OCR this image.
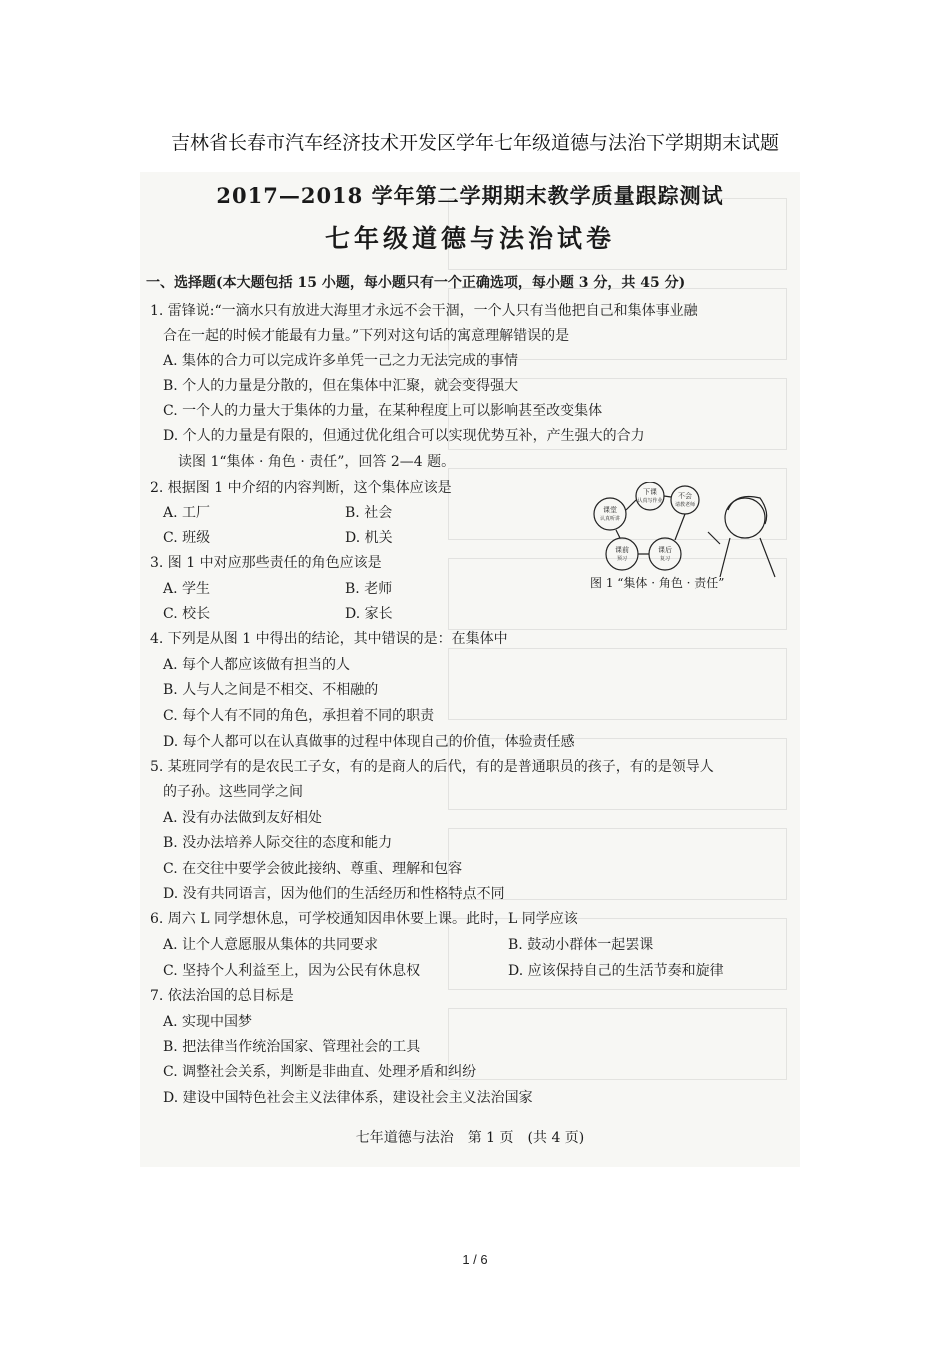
吉林省长春市汽车经济技术开发区学年七年级道德与法治下学期期末试题
2017—2018 学年第二学期期末教学质量跟踪测试
七年级道德与法治试卷
一、选择题(本大题包括 15 小题，每小题只有一个正确选项，每小题 3 分，共 45 分)
1. 雷锋说:“一滴水只有放进大海里才永远不会干涸，一个人只有当他把自己和集体事业融
合在一起的时候才能最有力量。”下列对这句话的寓意理解错误的是
A. 集体的合力可以完成许多单凭一己之力无法完成的事情
B. 个人的力量是分散的，但在集体中汇聚，就会变得强大
C. 一个人的力量大于集体的力量，在某种程度上可以影响甚至改变集体
D. 个人的力量是有限的，但通过优化组合可以实现优势互补，产生强大的合力
读图 1“集体 · 角色 · 责任”，回答 2—4 题。
2. 根据图 1 中介绍的内容判断，这个集体应该是
A. 工厂	B. 社会
C. 班级	D. 机关
3. 图 1 中对应那些责任的角色应该是
A. 学生	B. 老师
C. 校长	D. 家长
下课
认真写作业
不会
请教老师
课堂
认真听讲
课前
预习
课后
复习
图 1 “集体 · 角色 · 责任”
4. 下列是从图 1 中得出的结论，其中错误的是：在集体中
A. 每个人都应该做有担当的人
B. 人与人之间是不相交、不相融的
C. 每个人有不同的角色，承担着不同的职责
D. 每个人都可以在认真做事的过程中体现自己的价值，体验责任感
5. 某班同学有的是农民工子女，有的是商人的后代，有的是普通职员的孩子，有的是领导人
的子孙。这些同学之间
A. 没有办法做到友好相处
B. 没办法培养人际交往的态度和能力
C. 在交往中要学会彼此接纳、尊重、理解和包容
D. 没有共同语言，因为他们的生活经历和性格特点不同
6. 周六 L 同学想休息，可学校通知因串休要上课。此时，L 同学应该
A. 让个人意愿服从集体的共同要求	B. 鼓动小群体一起罢课
C. 坚持个人利益至上，因为公民有休息权	D. 应该保持自己的生活节奏和旋律
7. 依法治国的总目标是
A. 实现中国梦
B. 把法律当作统治国家、管理社会的工具
C. 调整社会关系，判断是非曲直、处理矛盾和纠纷
D. 建设中国特色社会主义法律体系，建设社会主义法治国家
七年道德与法治　第 1 页　(共 4 页)
1 / 6
